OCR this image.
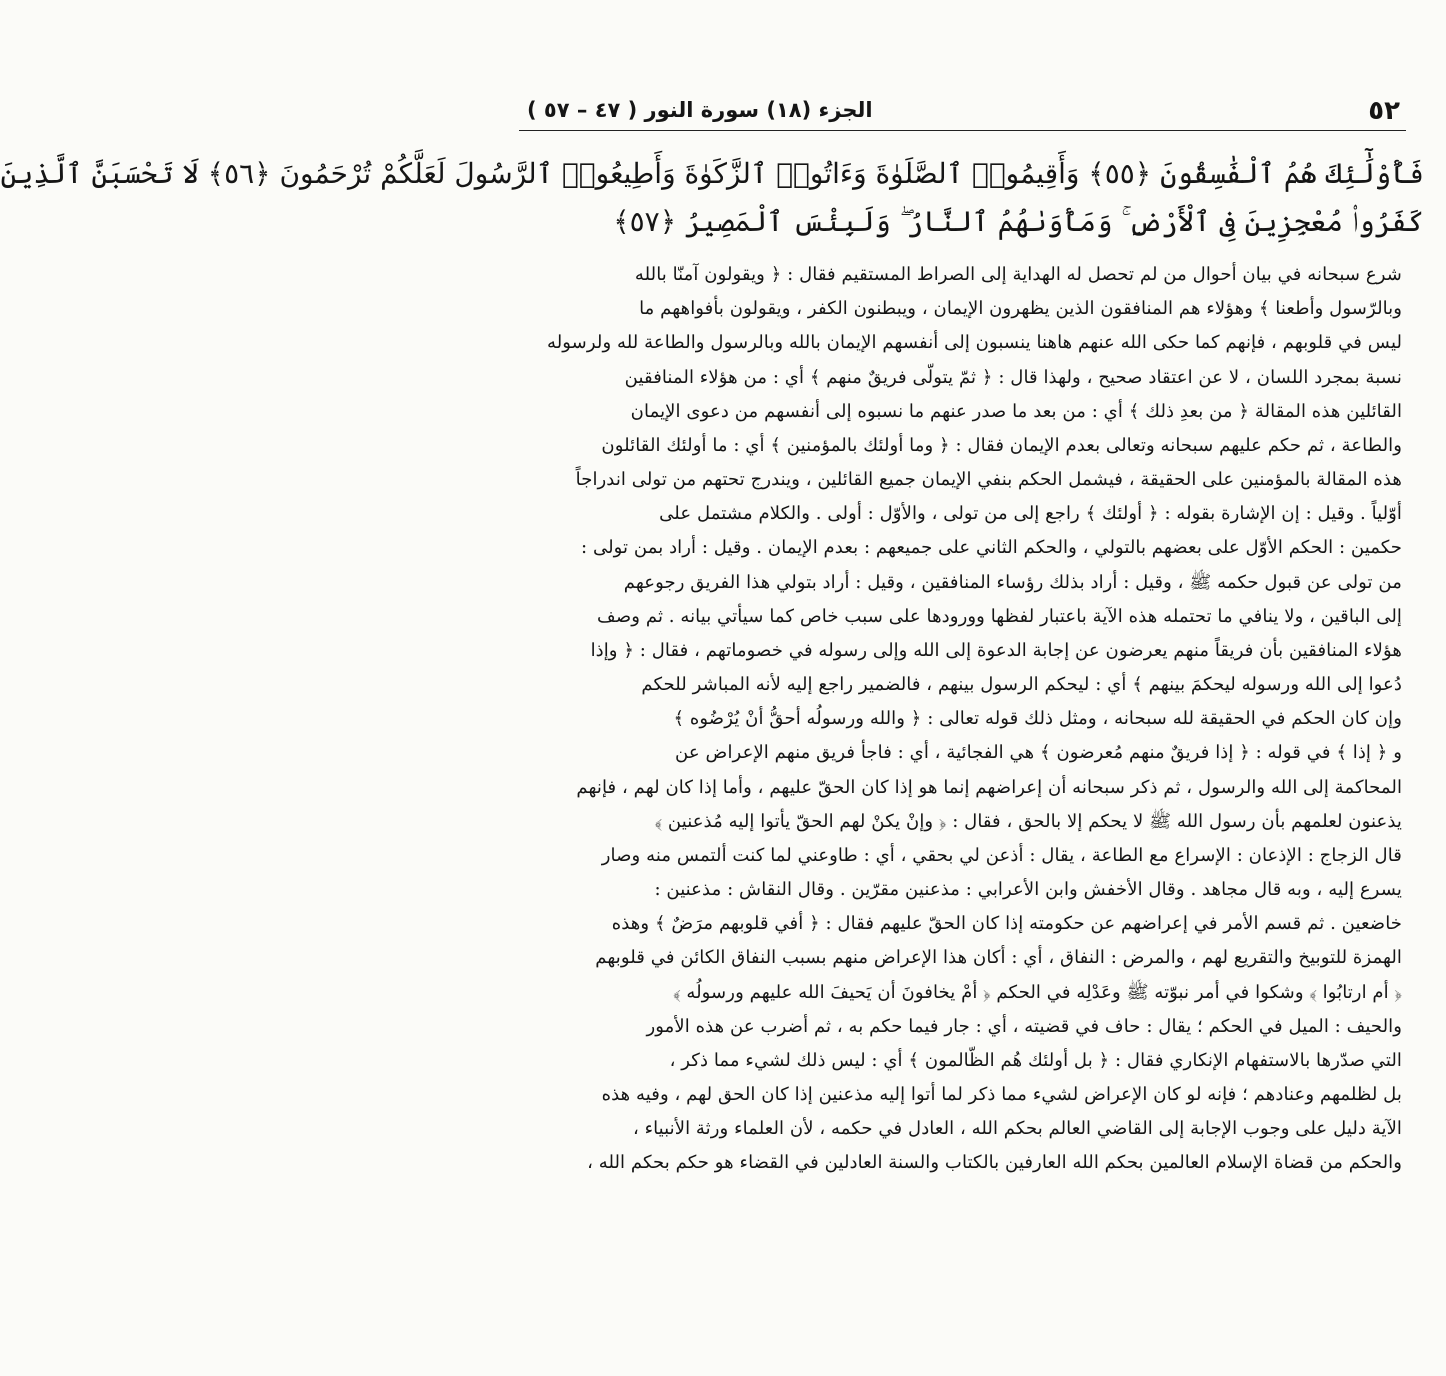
٥٢
الجزء (١٨) سورة النور ( ٤٧ – ٥٧ )
فَأُوْلَٰٓئِكَ هُمُ ٱلْفَٰسِقُونَ ﴿٥٥﴾ وَأَقِيمُوا۟ ٱلصَّلَوٰةَ وَءَاتُوا۟ ٱلزَّكَوٰةَ وَأَطِيعُوا۟ ٱلرَّسُولَ لَعَلَّكُمْ تُرْحَمُونَ ﴿٥٦﴾ لَا تَحْسَبَنَّ ٱلَّذِينَ
كَفَرُوا۟ مُعْجِزِينَ فِى ٱلْأَرْضِ ۚ وَمَأْوَىٰهُمُ ٱلنَّارُ ۖ وَلَبِئْسَ ٱلْمَصِيرُ ﴿٥٧﴾
شرع سبحانه في بيان أحوال من لم تحصل له الهداية إلى الصراط المستقيم فقال : ﴿ ويقولون آمنّا بالله
وبالرّسول وأطعنا ﴾ وهؤلاء هم المنافقون الذين يظهرون الإيمان ، ويبطنون الكفر ، ويقولون بأفواههم ما
ليس في قلوبهم ، فإنهم كما حكى الله عنهم هاهنا ينسبون إلى أنفسهم الإيمان بالله وبالرسول والطاعة لله ولرسوله
نسبة بمجرد اللسان ، لا عن اعتقاد صحيح ، ولهذا قال : ﴿ ثمّ يتولّى فريقٌ منهم ﴾ أي : من هؤلاء المنافقين
القائلين هذه المقالة ﴿ من بعدِ ذلك ﴾ أي : من بعد ما صدر عنهم ما نسبوه إلى أنفسهم من دعوى الإيمان
والطاعة ، ثم حكم عليهم سبحانه وتعالى بعدم الإيمان فقال : ﴿ وما أولئك بالمؤمنين ﴾ أي : ما أولئك القائلون
هذه المقالة بالمؤمنين على الحقيقة ، فيشمل الحكم بنفي الإيمان جميع القائلين ، ويندرج تحتهم من تولى اندراجاً
أوّلياً . وقيل : إن الإشارة بقوله : ﴿ أولئك ﴾ راجع إلى من تولى ، والأوّل : أولى . والكلام مشتمل على
حكمين : الحكم الأوّل على بعضهم بالتولي ، والحكم الثاني على جميعهم : بعدم الإيمان . وقيل : أراد بمن تولى :
من تولى عن قبول حكمه ﷺ ، وقيل : أراد بذلك رؤساء المنافقين ، وقيل : أراد بتولي هذا الفريق رجوعهم
إلى الباقين ، ولا ينافي ما تحتمله هذه الآية باعتبار لفظها وورودها على سبب خاص كما سيأتي بيانه . ثم وصف
هؤلاء المنافقين بأن فريقاً منهم يعرضون عن إجابة الدعوة إلى الله وإلى رسوله في خصوماتهم ، فقال : ﴿ وإذا
دُعوا إلى الله ورسوله ليحكمَ بينهم ﴾ أي : ليحكم الرسول بينهم ، فالضمير راجع إليه لأنه المباشر للحكم
وإن كان الحكم في الحقيقة لله سبحانه ، ومثل ذلك قوله تعالى : ﴿ والله ورسولُه أحقُّ أنْ يُرْضُوه ﴾
و ﴿ إذا ﴾ في قوله : ﴿ إذا فريقٌ منهم مُعرضون ﴾ هي الفجائية ، أي : فاجأ فريق منهم الإعراض عن
المحاكمة إلى الله والرسول ، ثم ذكر سبحانه أن إعراضهم إنما هو إذا كان الحقّ عليهم ، وأما إذا كان لهم ، فإنهم
يذعنون لعلمهم بأن رسول الله ﷺ لا يحكم إلا بالحق ، فقال : ﴿ وإنْ يكنْ لهم الحقّ يأتوا إليه مُذعنين ﴾
قال الزجاج : الإذعان : الإسراع مع الطاعة ، يقال : أذعن لي بحقي ، أي : طاوعني لما كنت ألتمس منه وصار
يسرع إليه ، وبه قال مجاهد . وقال الأخفش وابن الأعرابي : مذعنين مقرّين . وقال النقاش : مذعنين :
خاضعين . ثم قسم الأمر في إعراضهم عن حكومته إذا كان الحقّ عليهم فقال : ﴿ أفي قلوبهم مرَضٌ ﴾ وهذه
الهمزة للتوبيخ والتقريع لهم ، والمرض : النفاق ، أي : أكان هذا الإعراض منهم بسبب النفاق الكائن في قلوبهم
﴿ أم ارتابُوا ﴾ وشكوا في أمر نبوّته ﷺ وعَدْلِه في الحكم ﴿ أمْ يخافونَ أن يَحيفَ الله عليهم ورسولُه ﴾
والحيف : الميل في الحكم ؛ يقال : حاف في قضيته ، أي : جار فيما حكم به ، ثم أضرب عن هذه الأمور
التي صدّرها بالاستفهام الإنكاري فقال : ﴿ بل أولئك هُم الظّالمون ﴾ أي : ليس ذلك لشيء مما ذكر ،
بل لظلمهم وعنادهم ؛ فإنه لو كان الإعراض لشيء مما ذكر لما أتوا إليه مذعنين إذا كان الحق لهم ، وفيه هذه
الآية دليل على وجوب الإجابة إلى القاضي العالم بحكم الله ، العادل في حكمه ، لأن العلماء ورثة الأنبياء ،
والحكم من قضاة الإسلام العالمين بحكم الله العارفين بالكتاب والسنة العادلين في القضاء هو حكم بحكم الله ،
